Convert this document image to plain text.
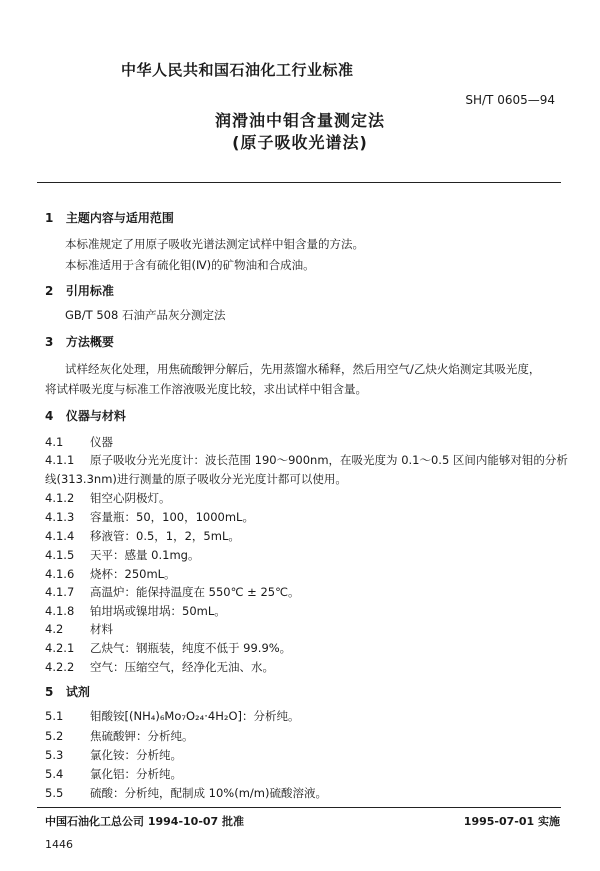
中华人民共和国石油化工行业标准
SH/T 0605—94
润滑油中钼含量测定法
(原子吸收光谱法)
1 主题内容与适用范围
本标准规定了用原子吸收光谱法测定试样中钼含量的方法。
本标准适用于含有硫化钼(Ⅳ)的矿物油和合成油。
2 引用标准
GB/T 508 石油产品灰分测定法
3 方法概要
试样经灰化处理，用焦硫酸钾分解后，先用蒸馏水稀释，然后用空气/乙炔火焰测定其吸光度，
将试样吸光度与标准工作溶液吸光度比较，求出试样中钼含量。
4 仪器与材料
4.1 仪器
4.1.1 原子吸收分光光度计：波长范围 190～900nm，在吸光度为 0.1～0.5 区间内能够对钼的分析
线(313.3nm)进行测量的原子吸收分光光度计都可以使用。
4.1.2 钼空心阴极灯。
4.1.3 容量瓶：50，100，1000mL。
4.1.4 移液管：0.5，1，2，5mL。
4.1.5 天平：感量 0.1mg。
4.1.6 烧杯：250mL。
4.1.7 高温炉：能保持温度在 550℃ ± 25℃。
4.1.8 铂坩埚或镍坩埚：50mL。
4.2 材料
4.2.1 乙炔气：钢瓶装，纯度不低于 99.9%。
4.2.2 空气：压缩空气，经净化无油、水。
5 试剂
5.1 钼酸铵[(NH₄)₆Mo₇O₂₄·4H₂O]：分析纯。
5.2 焦硫酸钾：分析纯。
5.3 氯化铵：分析纯。
5.4 氯化铝：分析纯。
5.5 硫酸：分析纯，配制成 10%(m/m)硫酸溶液。
中国石油化工总公司 1994-10-07 批准	1995-07-01 实施
1446
